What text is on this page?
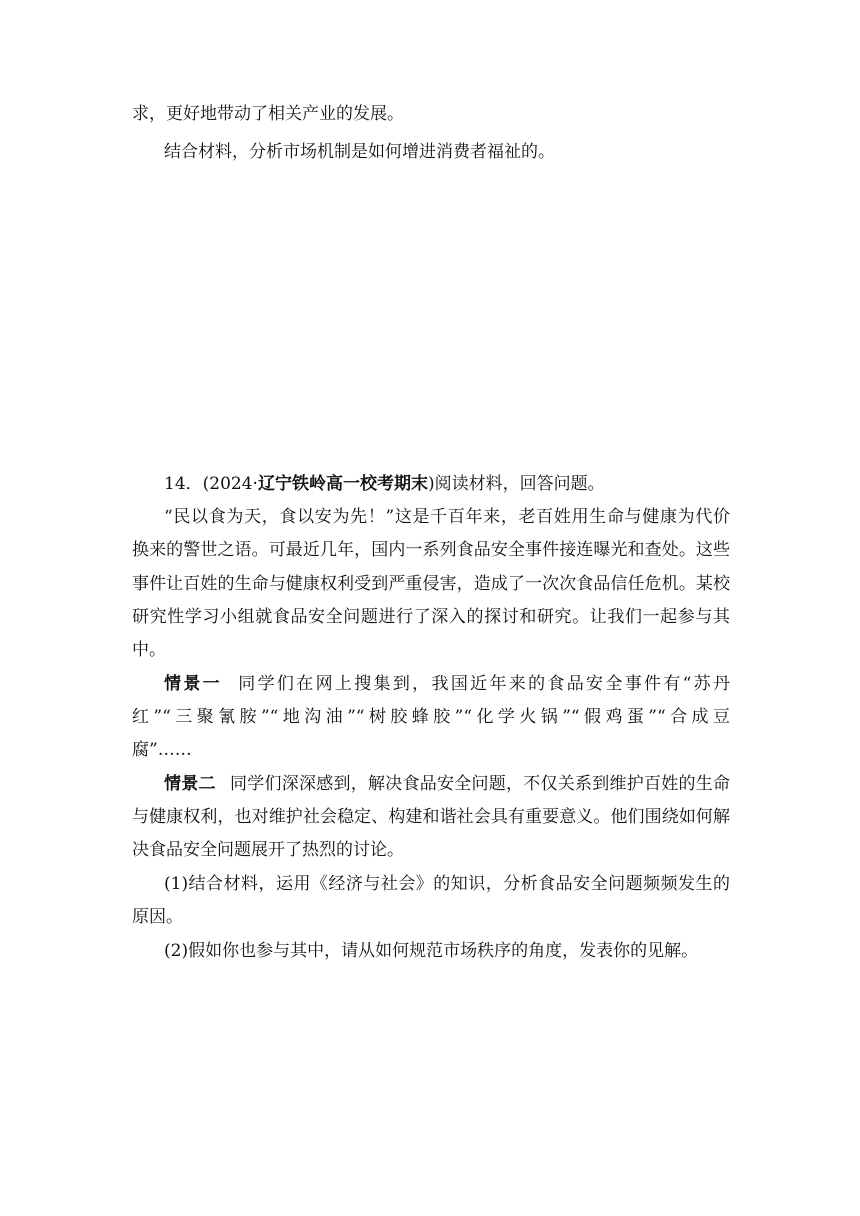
求，更好地带动了相关产业的发展。
结合材料，分析市场机制是如何增进消费者福祉的。
14．(2024·辽宁铁岭高一校考期末)阅读材料，回答问题。
“民以食为天，食以安为先！”这是千百年来，老百姓用生命与健康为代价
换来的警世之语。可最近几年，国内一系列食品安全事件接连曝光和查处。这些
事件让百姓的生命与健康权利受到严重侵害，造成了一次次食品信任危机。某校
研究性学习小组就食品安全问题进行了深入的探讨和研究。让我们一起参与其
中。
情景一 同学们在网上搜集到，我国近年来的食品安全事件有“苏丹
红”“三聚氰胺”“地沟油”“树胶蜂胶”“化学火锅”“假鸡蛋”“合成豆
腐”……
情景二 同学们深深感到，解决食品安全问题，不仅关系到维护百姓的生命
与健康权利，也对维护社会稳定、构建和谐社会具有重要意义。他们围绕如何解
决食品安全问题展开了热烈的讨论。
(1)结合材料，运用《经济与社会》的知识，分析食品安全问题频频发生的
原因。
(2)假如你也参与其中，请从如何规范市场秩序的角度，发表你的见解。
